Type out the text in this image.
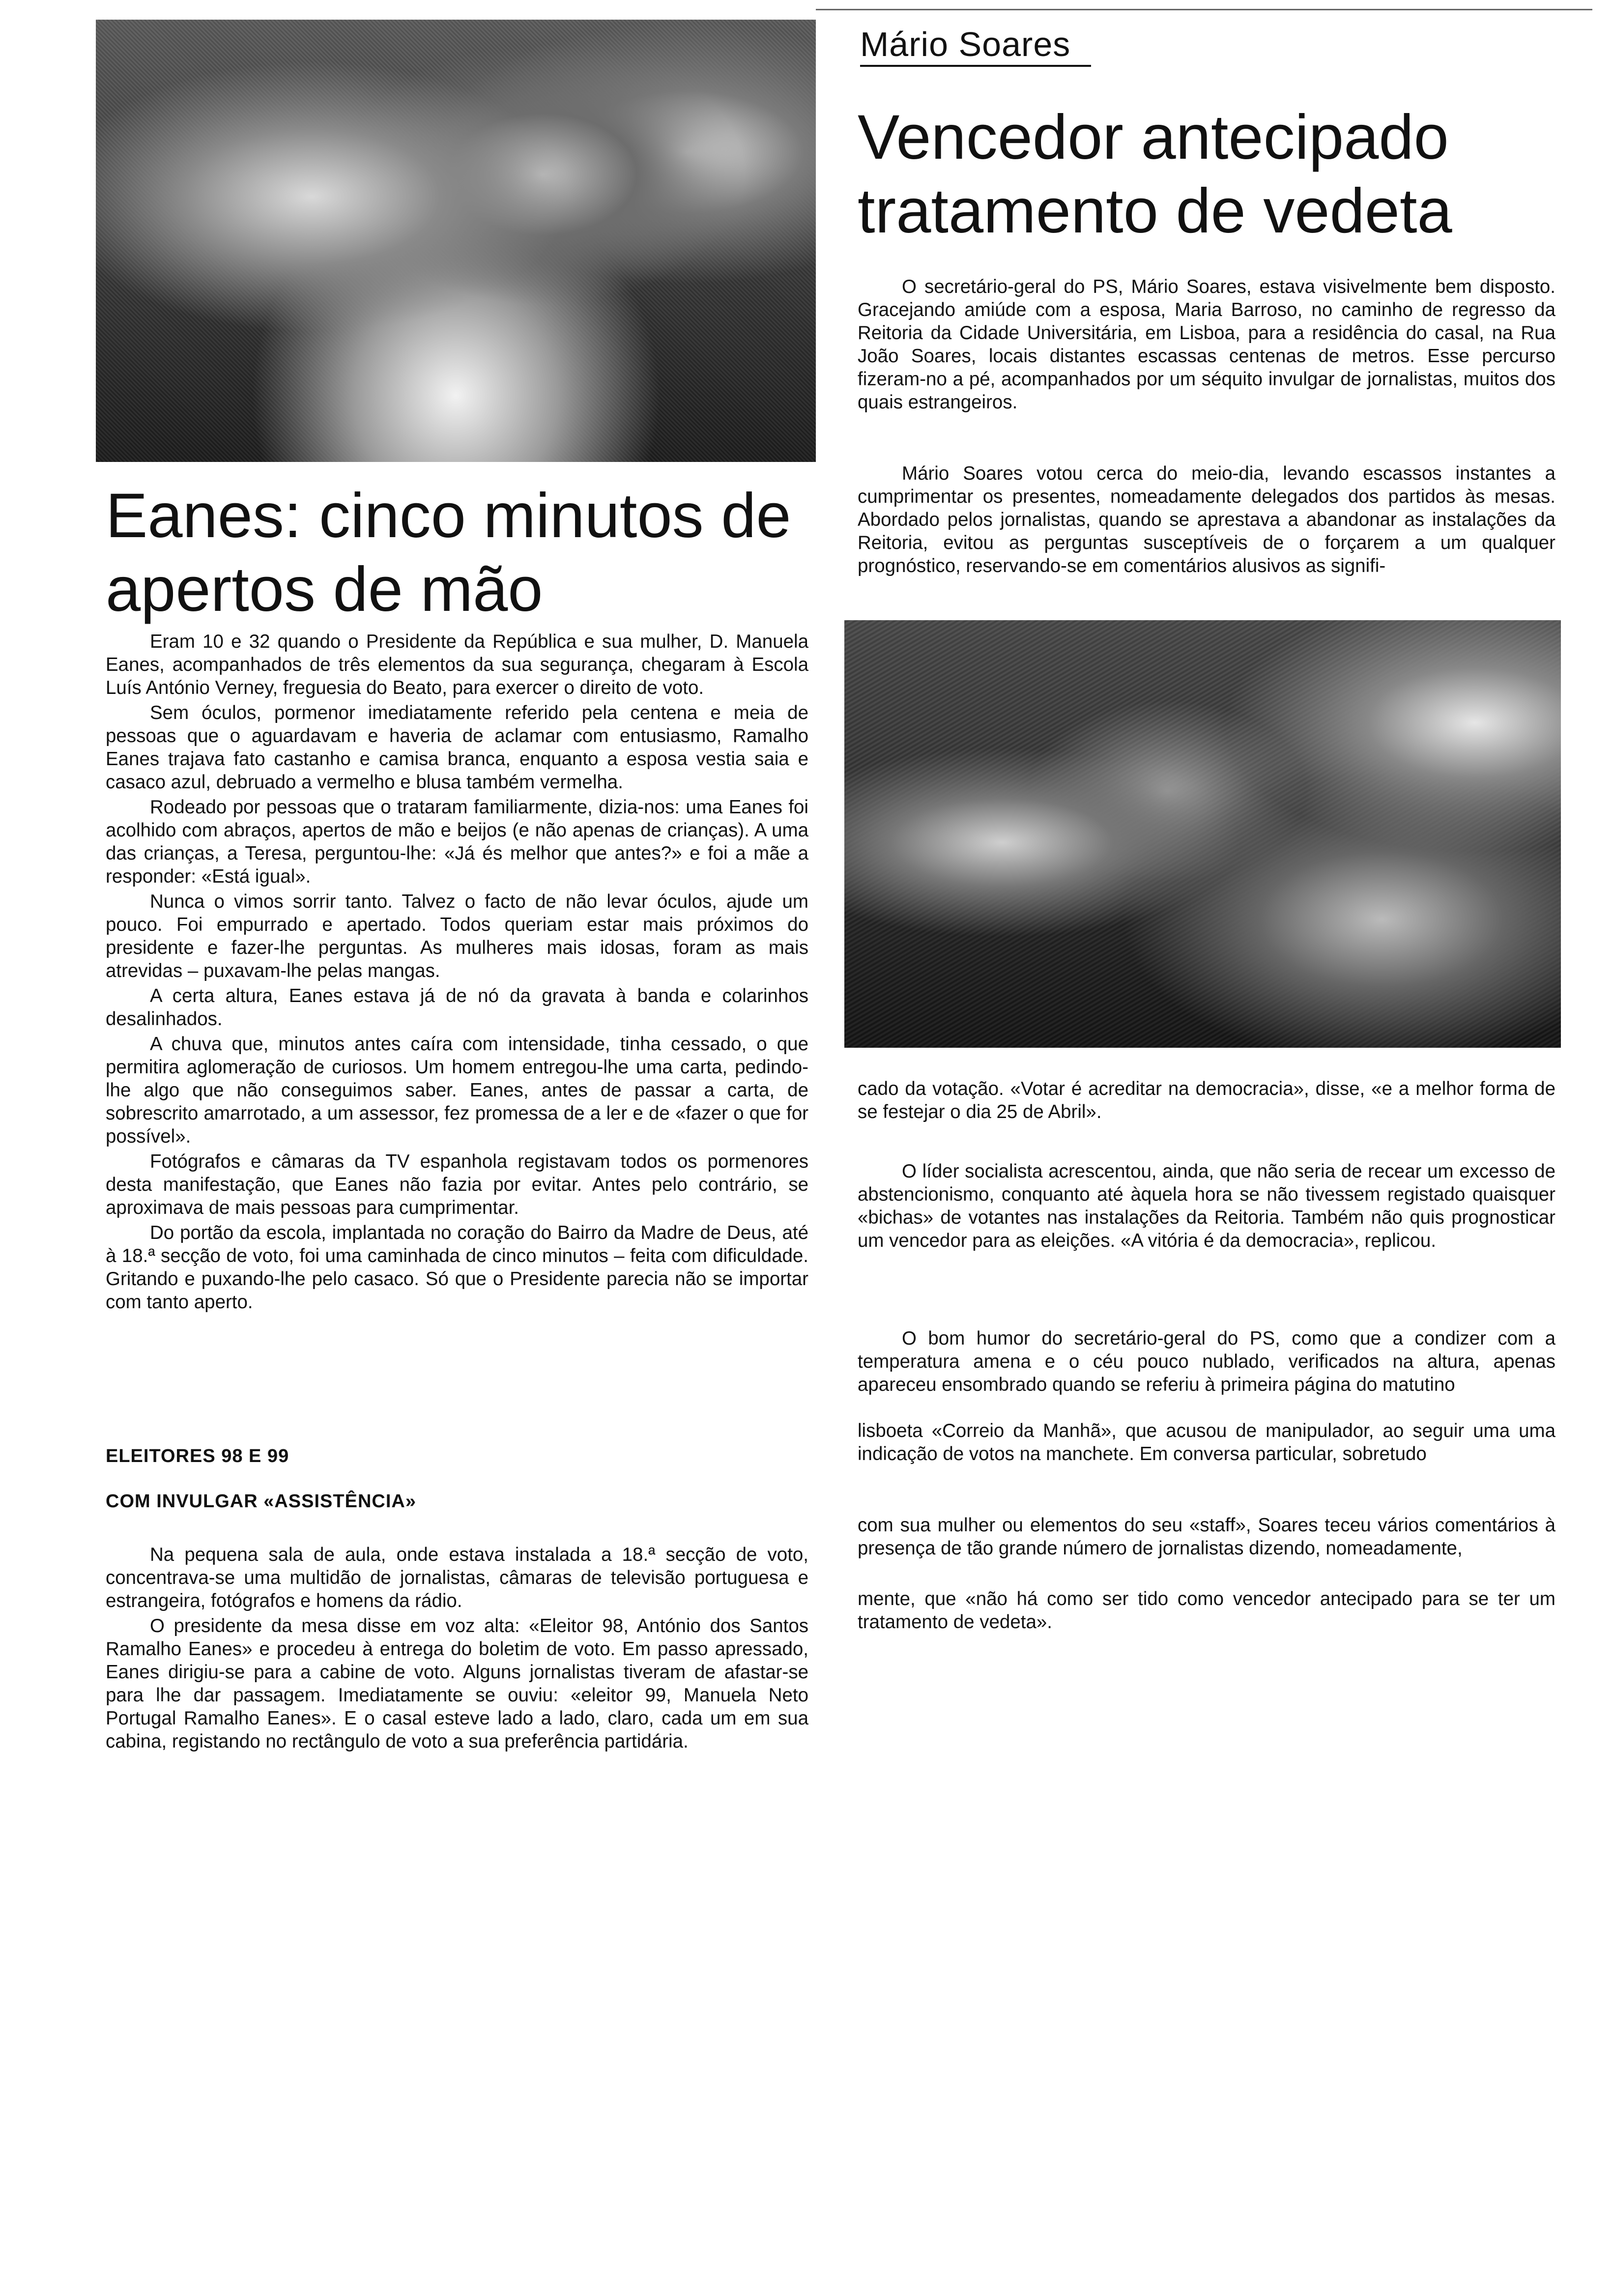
Mário Soares
Vencedor antecipado tratamento de vedeta

O secretário-geral do PS, Mário Soares, estava visivelmente bem disposto. Gracejando amiúde com a esposa, Maria Barroso, no caminho de regresso da Reitoria da Cidade Universitária, em Lisboa, para a residência do casal, na Rua João Soares, locais distantes escassas centenas de metros. Esse percurso fizeram-no a pé, acompanhados por um séquito invulgar de jornalistas, muitos dos quais estrangeiros.

Mário Soares votou cerca do meio-dia, levando escassos instantes a cumprimentar os presentes, nomeadamente delegados dos partidos às mesas. Abordado pelos jornalistas, quando se aprestava a abandonar as instalações da Reitoria, evitou as perguntas susceptíveis de o forçarem a um qualquer prognóstico, reservando-se em comentários alusivos as signifi-

cado da votação. «Votar é acreditar na democracia», disse, «e a melhor forma de se festejar o dia 25 de Abril».

O líder socialista acrescentou, ainda, que não seria de recear um excesso de abstencionismo, conquanto até àquela hora se não tivessem registado quaisquer «bichas» de votantes nas instalações da Reitoria. Também não quis prognosticar um vencedor para as eleições. «A vitória é da democracia», replicou.

O bom humor do secretário-geral do PS, como que a condizer com a temperatura amena e o céu pouco nublado, verificados na altura, apenas apareceu ensombrado quando se referiu à primeira página do matutino

lisboeta «Correio da Manhã», que acusou de manipulador, ao seguir uma uma indicação de votos na manchete. Em conversa particular, sobretudo

com sua mulher ou elementos do seu «staff», Soares teceu vários comentários à presença de tão grande número de jornalistas dizendo, nomeadamente,

mente, que «não há como ser tido como vencedor antecipado para se ter um tratamento de vedeta».

Eanes: cinco minutos de apertos de mão

Eram 10 e 32 quando o Presidente da República e sua mulher, D. Manuela Eanes, acompanhados de três elementos da sua segurança, chegaram à Escola Luís António Verney, freguesia do Beato, para exercer o direito de voto.

Sem óculos, pormenor imediatamente referido pela centena e meia de pessoas que o aguardavam e haveria de aclamar com entusiasmo, Ramalho Eanes trajava fato castanho e camisa branca, enquanto a esposa vestia saia e casaco azul, debruado a vermelho e blusa também vermelha.

Rodeado por pessoas que o trataram familiarmente, dizia-nos: uma Eanes foi acolhido com abraços, apertos de mão e beijos (e não apenas de crianças). A uma das crianças, a Teresa, perguntou-lhe: «Já és melhor que antes?» e foi a mãe a responder: «Está igual».

Nunca o vimos sorrir tanto. Talvez o facto de não levar óculos, ajude um pouco. Foi empurrado e apertado. Todos queriam estar mais próximos do presidente e fazer-lhe perguntas. As mulheres mais idosas, foram as mais atrevidas – puxavam-lhe pelas mangas.

A certa altura, Eanes estava já de nó da gravata à banda e colarinhos desalinhados.

A chuva que, minutos antes caíra com intensidade, tinha cessado, o que permitira aglomeração de curiosos. Um homem entregou-lhe uma carta, pedindo-lhe algo que não conseguimos saber. Eanes, antes de passar a carta, de sobrescrito amarrotado, a um assessor, fez promessa de a ler e de «fazer o que for possível».

Fotógrafos e câmaras da TV espanhola registavam todos os pormenores desta manifestação, que Eanes não fazia por evitar. Antes pelo contrário, se aproximava de mais pessoas para cumprimentar.

Do portão da escola, implantada no coração do Bairro da Madre de Deus, até à 18.ª secção de voto, foi uma caminhada de cinco minutos – feita com dificuldade. Gritando e puxando-lhe pelo casaco. Só que o Presidente parecia não se importar com tanto aperto.

ELEITORES 98 E 99
COM INVULGAR «ASSISTÊNCIA»

Na pequena sala de aula, onde estava instalada a 18.ª secção de voto, concentrava-se uma multidão de jornalistas, câmaras de televisão portuguesa e estrangeira, fotógrafos e homens da rádio.

O presidente da mesa disse em voz alta: «Eleitor 98, António dos Santos Ramalho Eanes» e procedeu à entrega do boletim de voto. Em passo apressado, Eanes dirigiu-se para a cabine de voto. Alguns jornalistas tiveram de afastar-se para lhe dar passagem. Imediatamente se ouviu: «eleitor 99, Manuela Neto Portugal Ramalho Eanes». E o casal esteve lado a lado, claro, cada um em sua cabina, registando no rectângulo de voto a sua preferência partidária.
